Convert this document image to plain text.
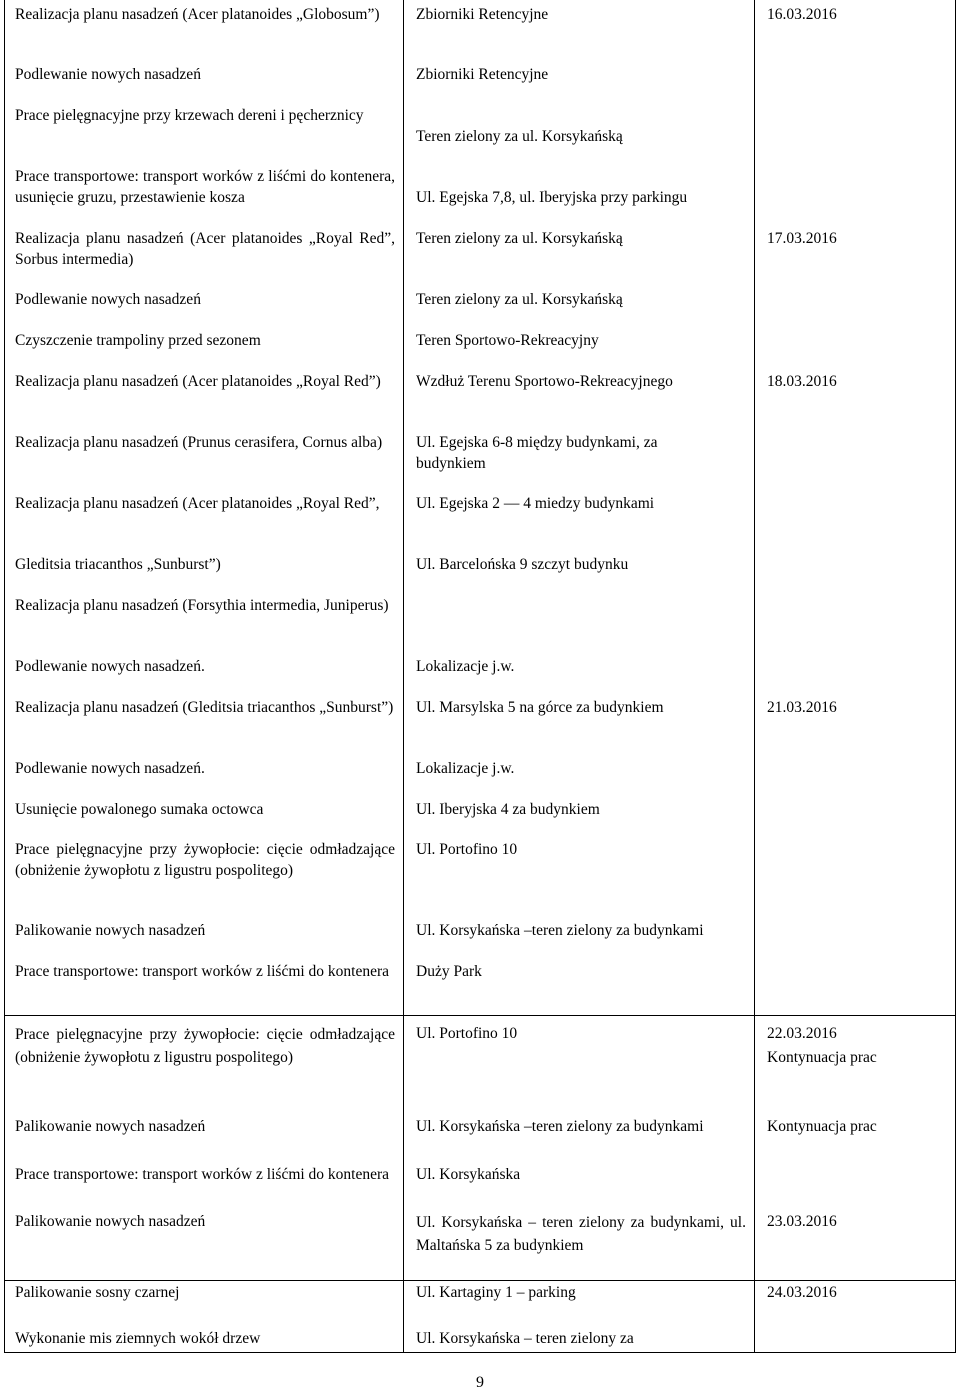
Realizacja planu nasadzeń (Acer platanoides „Globosum”)
Podlewanie nowych nasadzeń
Prace pielęgnacyjne przy krzewach dereni i pęcherznicy
Prace transportowe: transport worków z liśćmi do kontenera, usunięcie gruzu, przestawienie kosza
Realizacja planu nasadzeń (Acer platanoides „Royal Red”, Sorbus intermedia)
Podlewanie nowych nasadzeń
Czyszczenie trampoliny przed sezonem
Realizacja planu nasadzeń (Acer platanoides „Royal Red”)
Realizacja planu nasadzeń (Prunus cerasifera, Cornus alba)
Realizacja planu nasadzeń (Acer platanoides „Royal Red”,
Gleditsia triacanthos „Sunburst”)
Realizacja planu nasadzeń (Forsythia intermedia, Juniperus)
Podlewanie nowych nasadzeń.
Realizacja planu nasadzeń (Gleditsia triacanthos „Sunburst”)
Podlewanie nowych nasadzeń.
Usunięcie powalonego sumaka octowca
Prace pielęgnacyjne przy żywopłocie: cięcie odmładzające (obniżenie żywopłotu z ligustru pospolitego)
Palikowanie nowych nasadzeń
Prace transportowe: transport worków z liśćmi do kontenera
Prace pielęgnacyjne przy żywopłocie: cięcie odmładzające (obniżenie żywopłotu z ligustru pospolitego)
Palikowanie nowych nasadzeń
Prace transportowe: transport worków z liśćmi do kontenera
Palikowanie nowych nasadzeń
Palikowanie sosny czarnej
Wykonanie mis ziemnych wokół drzew
Zbiorniki Retencyjne
Zbiorniki Retencyjne
Teren zielony za ul. Korsykańską
Ul. Egejska 7,8, ul. Iberyjska przy parkingu
Teren zielony za ul. Korsykańską
Teren zielony za ul. Korsykańską
Teren Sportowo-Rekreacyjny
Wzdłuż Terenu Sportowo-Rekreacyjnego
Ul. Egejska 6-8 między budynkami, za budynkiem
Ul. Egejska 2 — 4 miedzy budynkami
Ul. Barcelońska 9 szczyt budynku
Lokalizacje j.w.
Ul. Marsylska 5 na górce za budynkiem
Lokalizacje j.w.
Ul. Iberyjska 4 za budynkiem
Ul. Portofino 10
Ul. Korsykańska –teren zielony za budynkami
Duży Park
Ul. Portofino 10
Ul. Korsykańska –teren zielony za budynkami
Ul. Korsykańska
Ul. Korsykańska – teren zielony za budynkami, ul. Maltańska 5 za budynkiem
Ul. Kartaginy 1 – parking
Ul. Korsykańska – teren zielony za
16.03.2016
17.03.2016
18.03.2016
21.03.2016
22.03.2016
Kontynuacja prac
Kontynuacja prac
23.03.2016
24.03.2016
9
